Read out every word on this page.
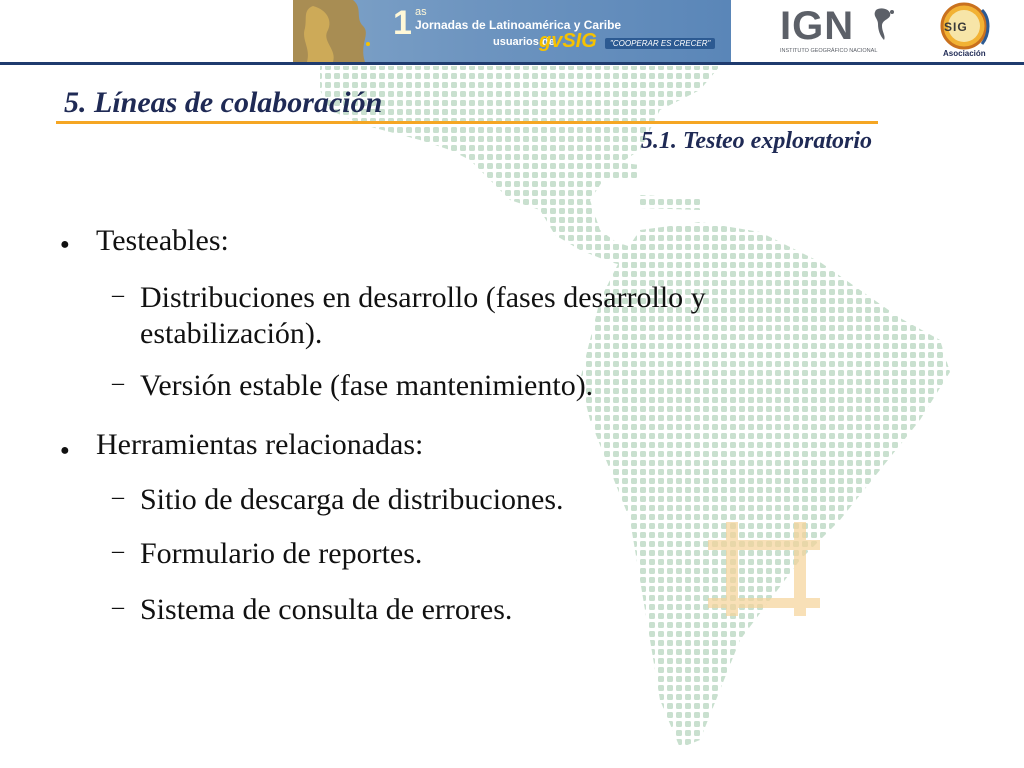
1 as
Jornadas de Latinoamérica y Caribe
usuarios de
gvSIG	"COOPERAR ES CRECER" IGN
INSTITUTO GEOGRÁFICO NACIONAL
SIG
Asociación
5. Líneas de colaboración
5.1. Testeo exploratorio
● Testeables:
– Distribuciones en desarrollo (fases desarrollo y estabilización).
– Versión estable (fase mantenimiento).
● Herramientas relacionadas:
– Sitio de descarga de distribuciones.
– Formulario de reportes.
– Sistema de consulta de errores.
